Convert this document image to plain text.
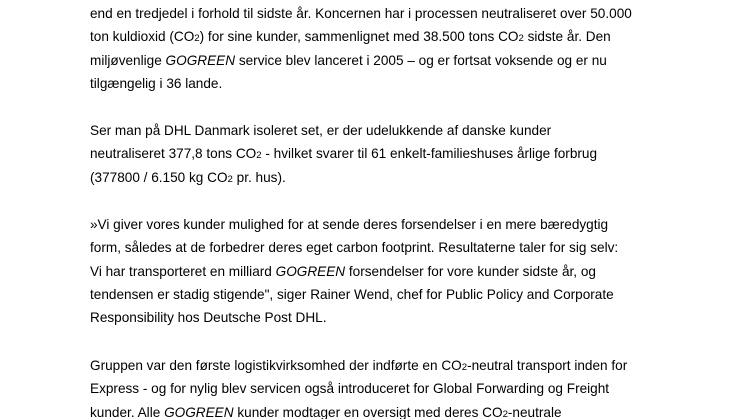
end en tredjedel i forhold til sidste år. Koncernen har i processen neutraliseret over 50.000
ton kuldioxid (CO2) for sine kunder, sammenlignet med 38.500 tons CO2 sidste år. Den
miljøvenlige GOGREEN service blev lanceret i 2005 – og er fortsat voksende og er nu
tilgængelig i 36 lande.

Ser man på DHL Danmark isoleret set, er der udelukkende af danske kunder
neutraliseret 377,8 tons CO2 - hvilket svarer til 61 enkelt-familieshuses årlige forbrug
(377800 / 6.150 kg CO2 pr. hus).

»Vi giver vores kunder mulighed for at sende deres forsendelser i en mere bæredygtig
form, således at de forbedrer deres eget carbon footprint. Resultaterne taler for sig selv:
Vi har transporteret en milliard GOGREEN forsendelser for vore kunder sidste år, og
tendensen er stadig stigende", siger Rainer Wend, chef for Public Policy and Corporate
Responsibility hos Deutsche Post DHL.

Gruppen var den første logistikvirksomhed der indførte en CO2-neutral transport inden for
Express - og for nylig blev servicen også introduceret for Global Forwarding og Freight
kunder. Alle GOGREEN kunder modtager en oversigt med deres CO2-neutrale
